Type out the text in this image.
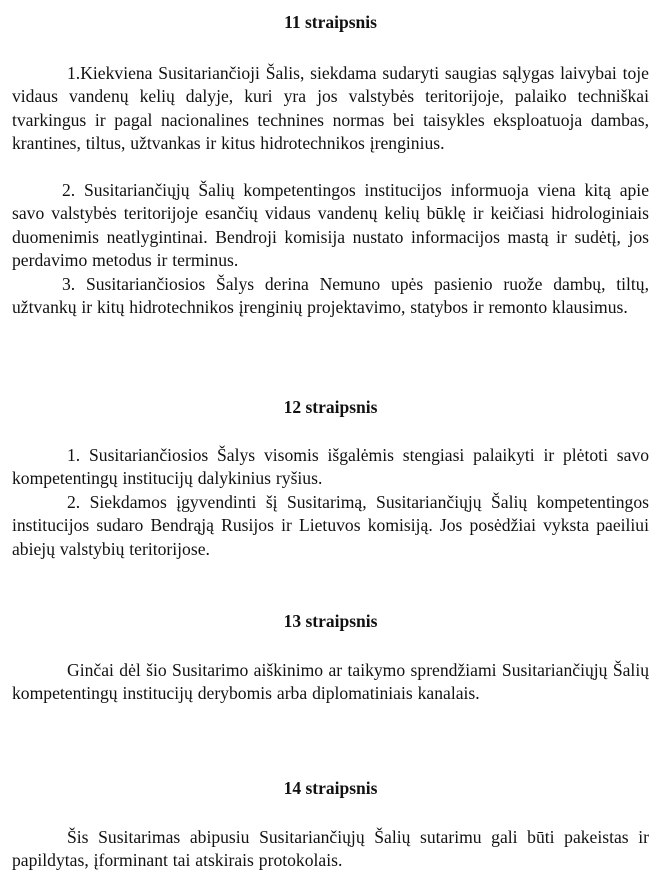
11 straipsnis

1.Kiekviena Susitariančioji Šalis, siekdama sudaryti saugias sąlygas laivybai toje vidaus vandenų kelių dalyje, kuri yra jos valstybės teritorijoje, palaiko techniškai tvarkingus ir pagal nacionalines technines normas bei taisykles eksploatuoja dambas, krantines, tiltus, užtvankas ir kitus hidrotechnikos įrenginius.

2. Susitariančiųjų Šalių kompetentingos institucijos informuoja viena kitą apie savo valstybės teritorijoje esančių vidaus vandenų kelių būklę ir keičiasi hidrologiniais duomenimis neatlygintinai. Bendroji komisija nustato informacijos mastą ir sudėtį, jos perdavimo metodus ir terminus.

3. Susitariančiosios Šalys derina Nemuno upės pasienio ruože dambų, tiltų, užtvankų ir kitų hidrotechnikos įrenginių projektavimo, statybos ir remonto klausimus.

12 straipsnis

1. Susitariančiosios Šalys visomis išgalėmis stengiasi palaikyti ir plėtoti savo kompetentingų institucijų dalykinius ryšius.

2. Siekdamos įgyvendinti šį Susitarimą, Susitariančiųjų Šalių kompetentingos institucijos sudaro Bendrąją Rusijos ir Lietuvos komisiją. Jos posėdžiai vyksta paeiliui abiejų valstybių teritorijose.

13 straipsnis

Ginčai dėl šio Susitarimo aiškinimo ar taikymo sprendžiami Susitariančiųjų Šalių kompetentingų institucijų derybomis arba diplomatiniais kanalais.

14 straipsnis

Šis Susitarimas abipusiu Susitariančiųjų Šalių sutarimu gali būti pakeistas ir papildytas, įforminant tai atskirais protokolais.
